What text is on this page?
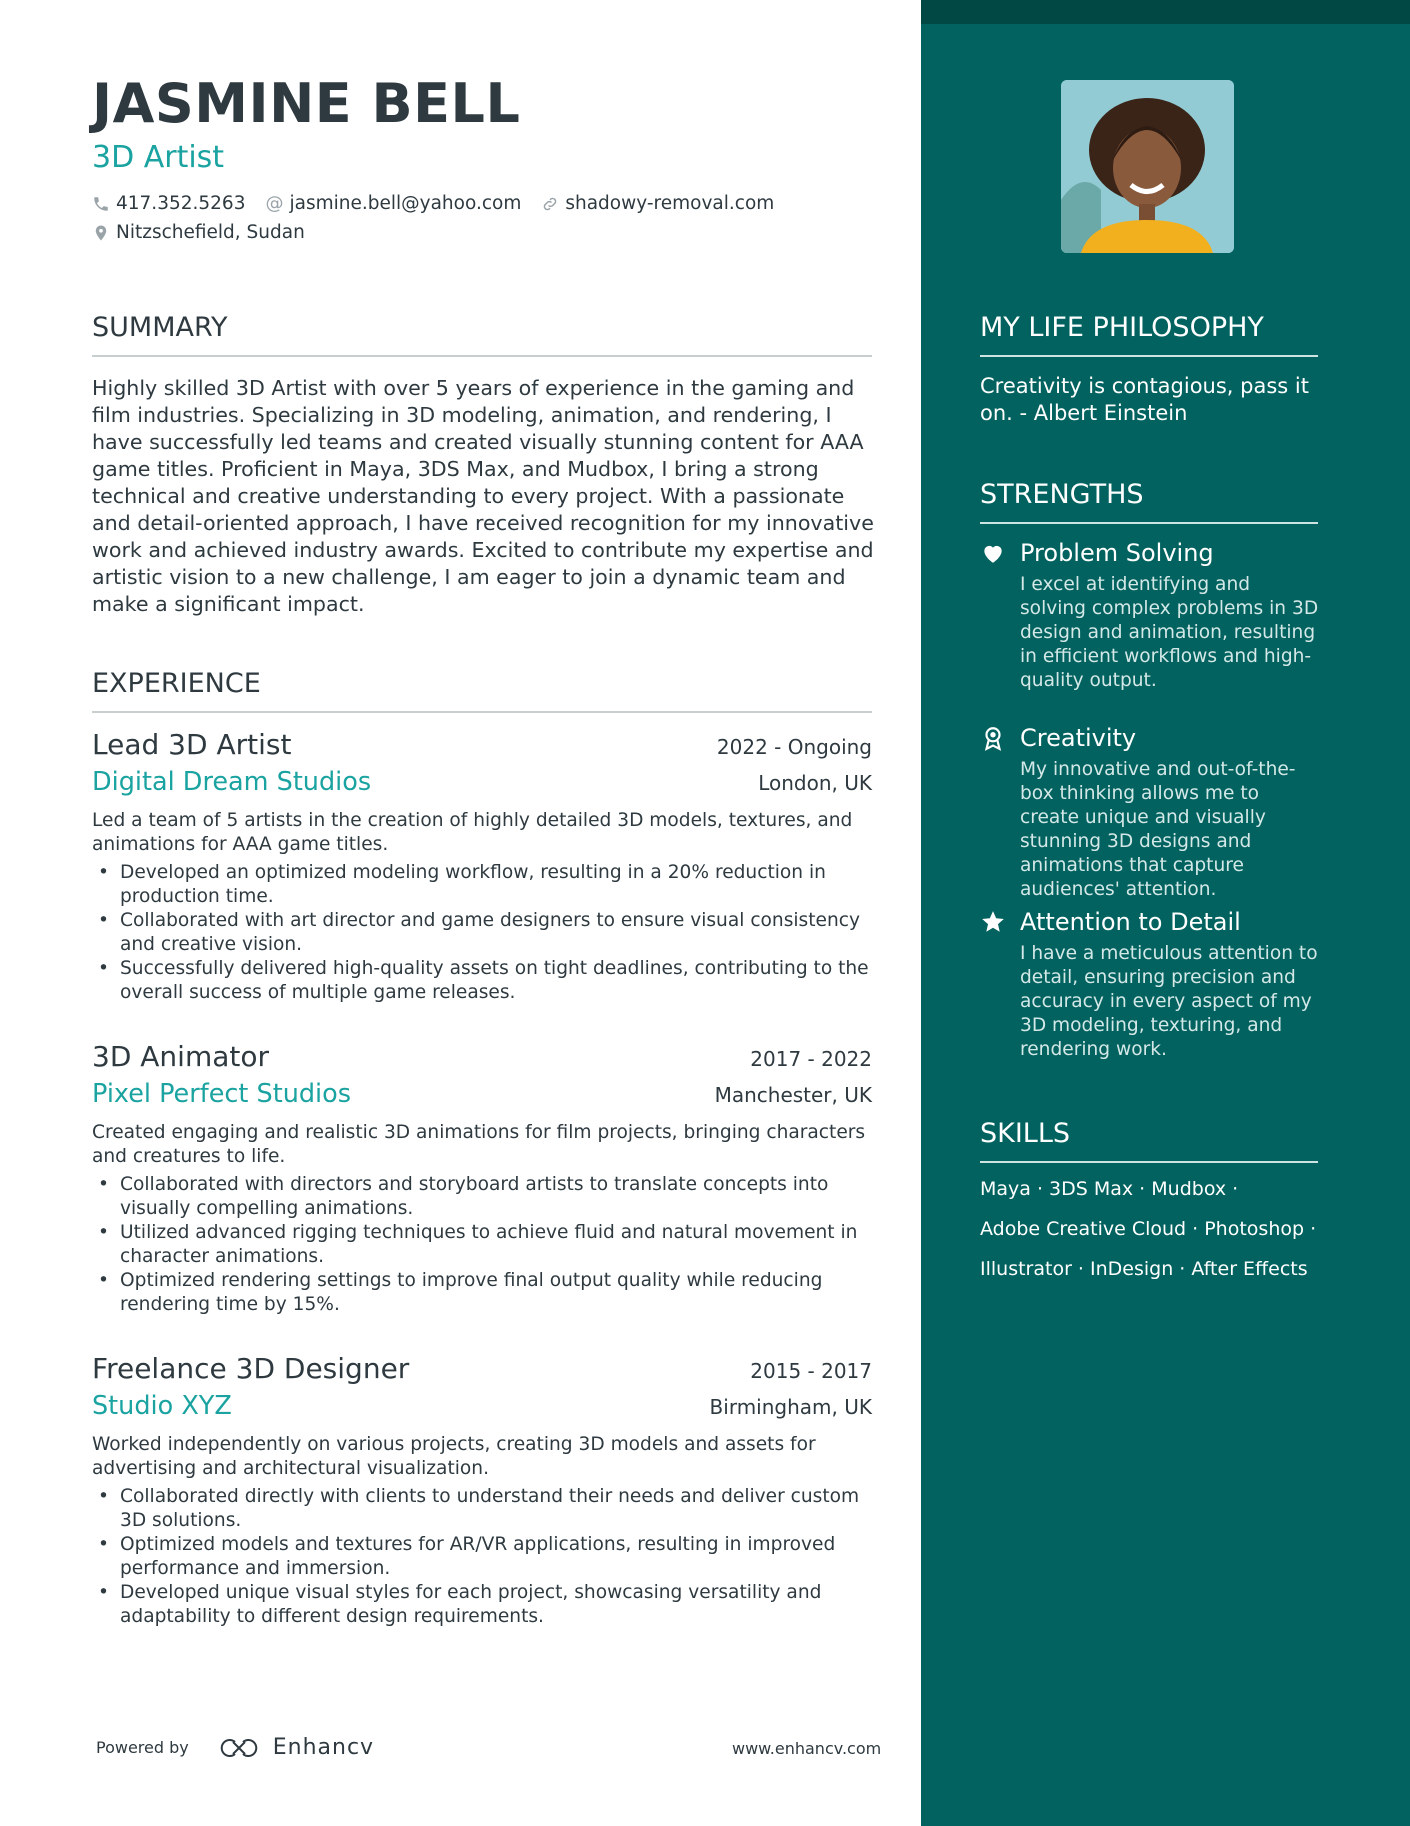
JASMINE BELL
3D Artist
417.352.5263 @ jasmine.bell@yahoo.com shadowy-removal.com
Nitzschefield, Sudan
SUMMARY
Highly skilled 3D Artist with over 5 years of experience in the gaming and film industries. Specializing in 3D modeling, animation, and rendering, I have successfully led teams and created visually stunning content for AAA game titles. Proficient in Maya, 3DS Max, and Mudbox, I bring a strong technical and creative understanding to every project. With a passionate and detail-oriented approach, I have received recognition for my innovative work and achieved industry awards. Excited to contribute my expertise and artistic vision to a new challenge, I am eager to join a dynamic team and make a significant impact.
EXPERIENCE
Lead 3D Artist	2022 - Ongoing
Digital Dream Studios	London, UK
Led a team of 5 artists in the creation of highly detailed 3D models, textures, and animations for AAA game titles.
• Developed an optimized modeling workflow, resulting in a 20% reduction in production time.
• Collaborated with art director and game designers to ensure visual consistency and creative vision.
• Successfully delivered high-quality assets on tight deadlines, contributing to the overall success of multiple game releases.
3D Animator	2017 - 2022
Pixel Perfect Studios	Manchester, UK
Created engaging and realistic 3D animations for film projects, bringing characters and creatures to life.
• Collaborated with directors and storyboard artists to translate concepts into visually compelling animations.
• Utilized advanced rigging techniques to achieve fluid and natural movement in character animations.
• Optimized rendering settings to improve final output quality while reducing rendering time by 15%.
Freelance 3D Designer	2015 - 2017
Studio XYZ	Birmingham, UK
Worked independently on various projects, creating 3D models and assets for advertising and architectural visualization.
• Collaborated directly with clients to understand their needs and deliver custom 3D solutions.
• Optimized models and textures for AR/VR applications, resulting in improved performance and immersion.
• Developed unique visual styles for each project, showcasing versatility and adaptability to different design requirements.
MY LIFE PHILOSOPHY
Creativity is contagious, pass it on. - Albert Einstein
STRENGTHS
Problem Solving
I excel at identifying and solving complex problems in 3D design and animation, resulting in efficient workflows and high-quality output.
Creativity
My innovative and out-of-the-box thinking allows me to create unique and visually stunning 3D designs and animations that capture audiences' attention.
Attention to Detail
I have a meticulous attention to detail, ensuring precision and accuracy in every aspect of my 3D modeling, texturing, and rendering work.
SKILLS
Maya · 3DS Max · Mudbox ·
Adobe Creative Cloud · Photoshop ·
Illustrator · InDesign · After Effects
Powered by	Enhancv	www.enhancv.com
